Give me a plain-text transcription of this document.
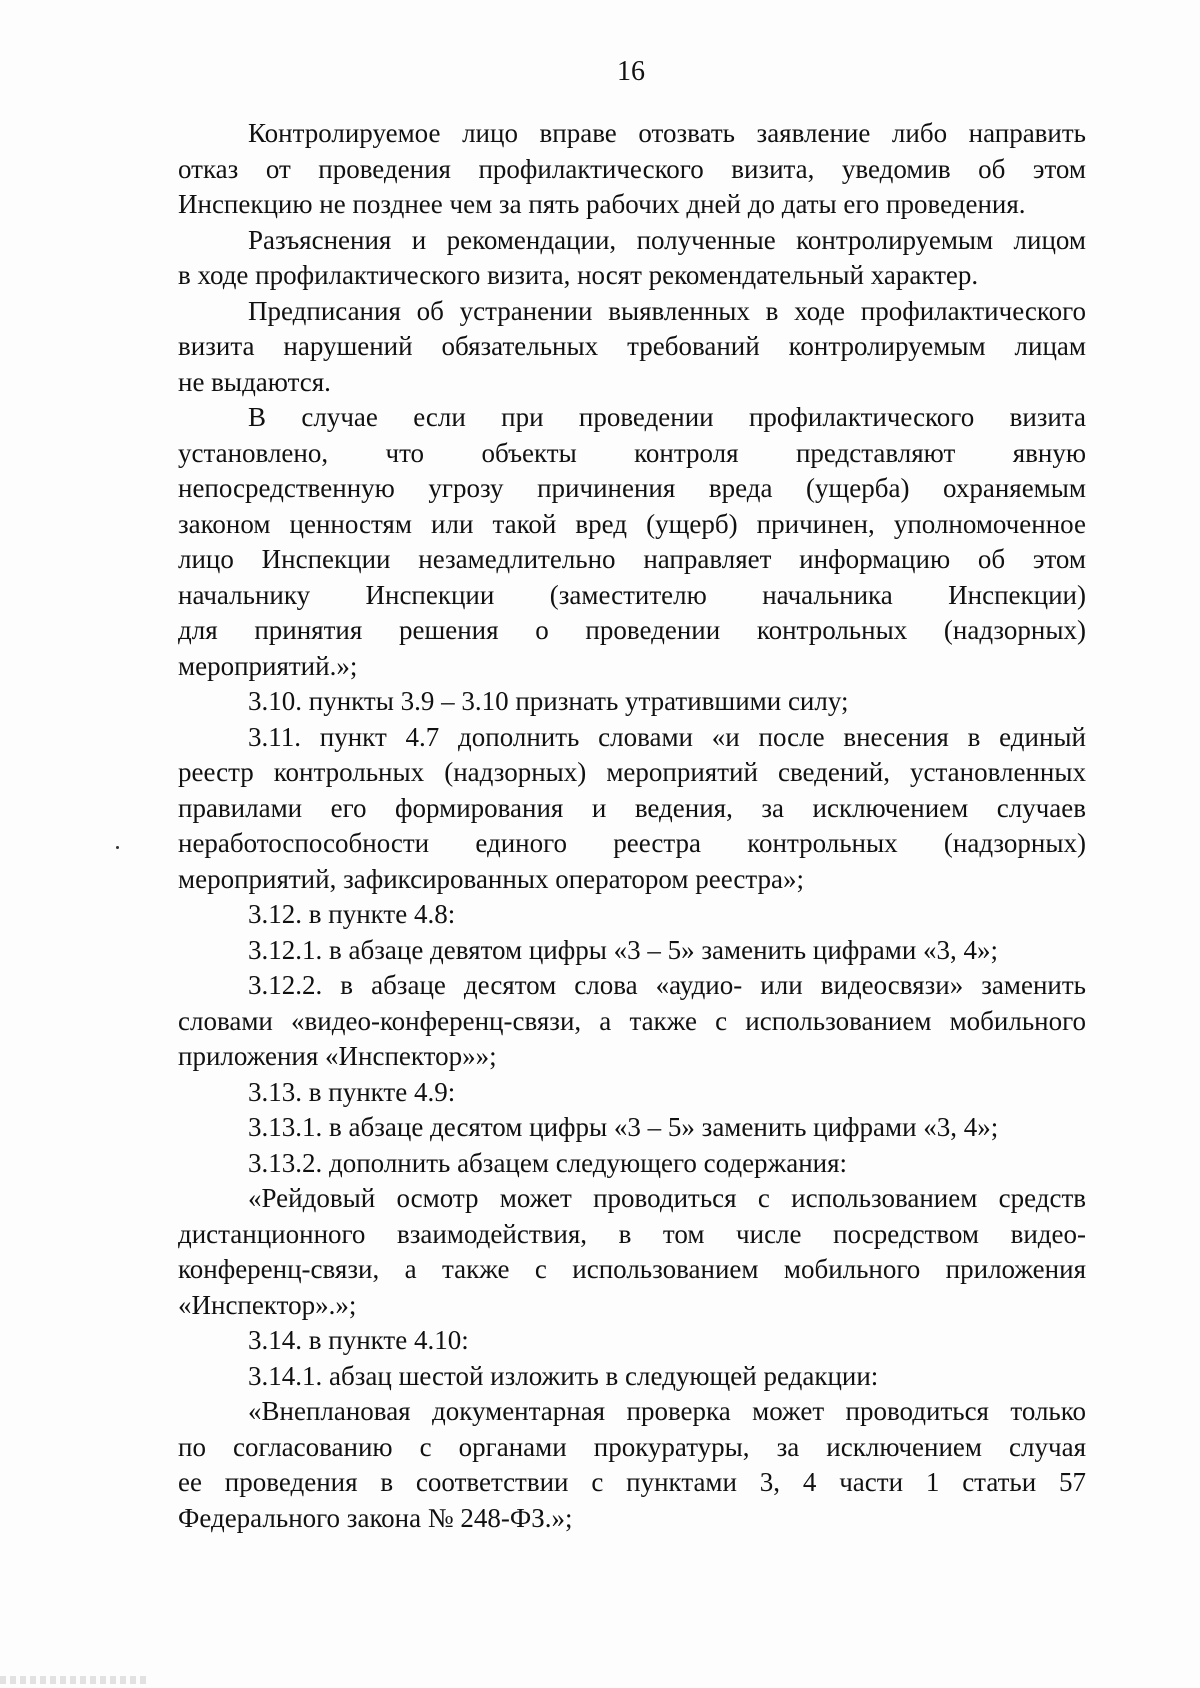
16
Контролируемое лицо вправе отозвать заявление либо направить
отказ от проведения профилактического визита, уведомив об этом
Инспекцию не позднее чем за пять рабочих дней до даты его проведения.
Разъяснения и рекомендации, полученные контролируемым лицом
в ходе профилактического визита, носят рекомендательный характер.
Предписания об устранении выявленных в ходе профилактического
визита нарушений обязательных требований контролируемым лицам
не выдаются.
В случае если при проведении профилактического визита
установлено, что объекты контроля представляют явную
непосредственную угрозу причинения вреда (ущерба) охраняемым
законом ценностям или такой вред (ущерб) причинен, уполномоченное
лицо Инспекции незамедлительно направляет информацию об этом
начальнику Инспекции (заместителю начальника Инспекции)
для принятия решения о проведении контрольных (надзорных)
мероприятий.»;
3.10. пункты 3.9 – 3.10 признать утратившими силу;
3.11. пункт 4.7 дополнить словами «и после внесения в единый
реестр контрольных (надзорных) мероприятий сведений, установленных
правилами его формирования и ведения, за исключением случаев
неработоспособности единого реестра контрольных (надзорных)
мероприятий, зафиксированных оператором реестра»;
3.12. в пункте 4.8:
3.12.1. в абзаце девятом цифры «3 – 5» заменить цифрами «3, 4»;
3.12.2. в абзаце десятом слова «аудио- или видеосвязи» заменить
словами «видео-конференц-связи, а также с использованием мобильного
приложения «Инспектор»»;
3.13. в пункте 4.9:
3.13.1. в абзаце десятом цифры «3 – 5» заменить цифрами «3, 4»;
3.13.2. дополнить абзацем следующего содержания:
«Рейдовый осмотр может проводиться с использованием средств
дистанционного взаимодействия, в том числе посредством видео-
конференц-связи, а также с использованием мобильного приложения
«Инспектор».»;
3.14. в пункте 4.10:
3.14.1. абзац шестой изложить в следующей редакции:
«Внеплановая документарная проверка может проводиться только
по согласованию с органами прокуратуры, за исключением случая
ее проведения в соответствии с пунктами 3, 4 части 1 статьи 57
Федерального закона № 248-ФЗ.»;
